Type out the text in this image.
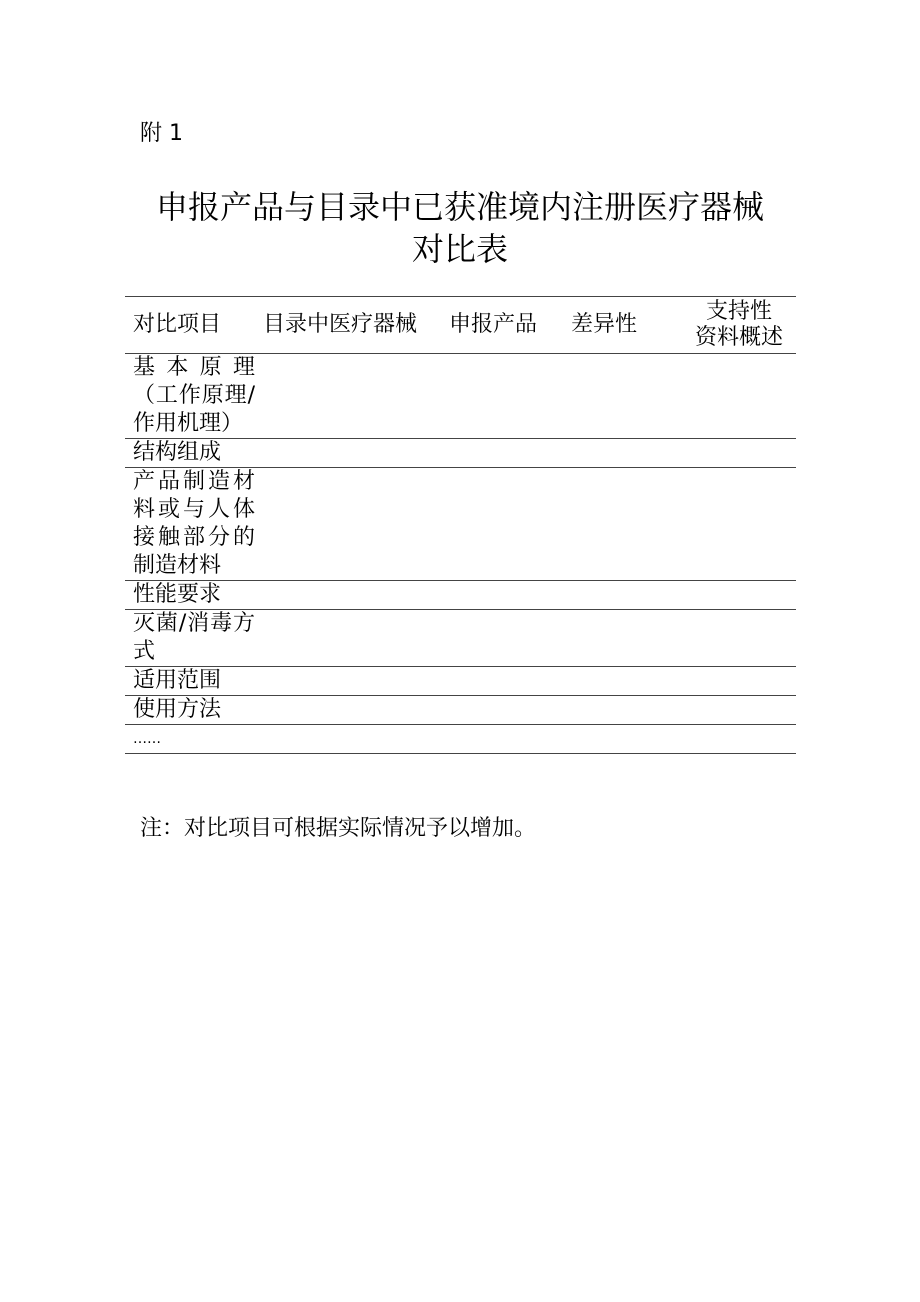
附 1
申报产品与目录中已获准境内注册医疗器械
对比表
对比项目	目录中医疗器械	申报产品	差异性	支持性
资料概述

基本原理（工作原理/作用机理）				
结构组成				
产品制造材料或与人体接触部分的制造材料				
性能要求				
灭菌/消毒方式				
适用范围				
使用方法				
……				
注：对比项目可根据实际情况予以增加。
